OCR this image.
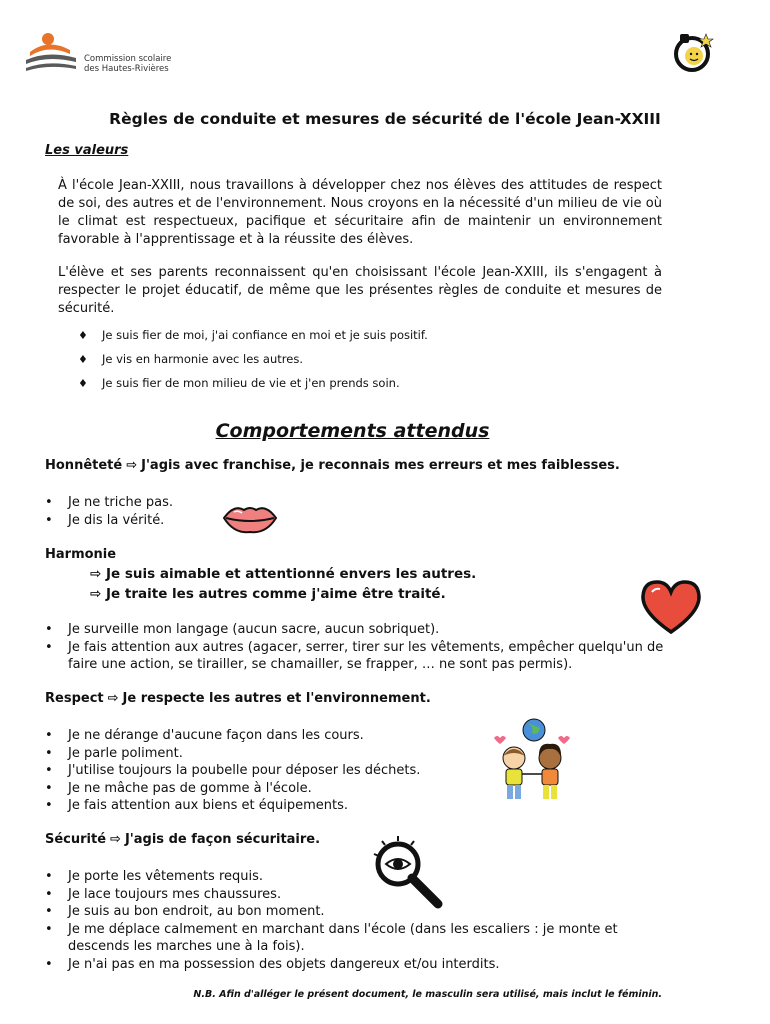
Commission scolaire
des Hautes-Rivières
Règles de conduite et mesures de sécurité de l'école Jean-XXIII

Les valeurs

À l'école Jean-XXIII, nous travaillons à développer chez nos élèves des attitudes de respect de soi, des autres et de l'environnement. Nous croyons en la nécessité d'un milieu de vie où le climat est respectueux, pacifique et sécuritaire afin de maintenir un environnement favorable à l'apprentissage et à la réussite des élèves.

L'élève et ses parents reconnaissent qu'en choisissant l'école Jean-XXIII, ils s'engagent à respecter le projet éducatif, de même que les présentes règles de conduite et mesures de sécurité.

♦	Je suis fier de moi, j'ai confiance en moi et je suis positif.
♦	Je vis en harmonie avec les autres.
♦	Je suis fier de mon milieu de vie et j'en prends soin.
Comportements attendus

Honnêteté ⇨ J'agis avec franchise, je reconnais mes erreurs et mes faiblesses.

•	Je ne triche pas.
•	Je dis la vérité.

Harmonie

⇨ Je suis aimable et attentionné envers les autres.

⇨ Je traite les autres comme j'aime être traité.

•	Je surveille mon langage (aucun sacre, aucun sobriquet).
•	Je fais attention aux autres (agacer, serrer, tirer sur les vêtements, empêcher quelqu'un de faire une action, se tirailler, se chamailler, se frapper, … ne sont pas permis).

Respect ⇨ Je respecte les autres et l'environnement.

•	Je ne dérange d'aucune façon dans les cours.
•	Je parle poliment.
•	J'utilise toujours la poubelle pour déposer les déchets.
•	Je ne mâche pas de gomme à l'école.
•	Je fais attention aux biens et équipements.

Sécurité ⇨ J'agis de façon sécuritaire.

•	Je porte les vêtements requis.
•	Je lace toujours mes chaussures.
•	Je suis au bon endroit, au bon moment.
•	Je me déplace calmement en marchant dans l'école (dans les escaliers : je monte et descends les marches une à la fois).
•	Je n'ai pas en ma possession des objets dangereux et/ou interdits.

N.B. Afin d'alléger le présent document, le masculin sera utilisé, mais inclut le féminin.
